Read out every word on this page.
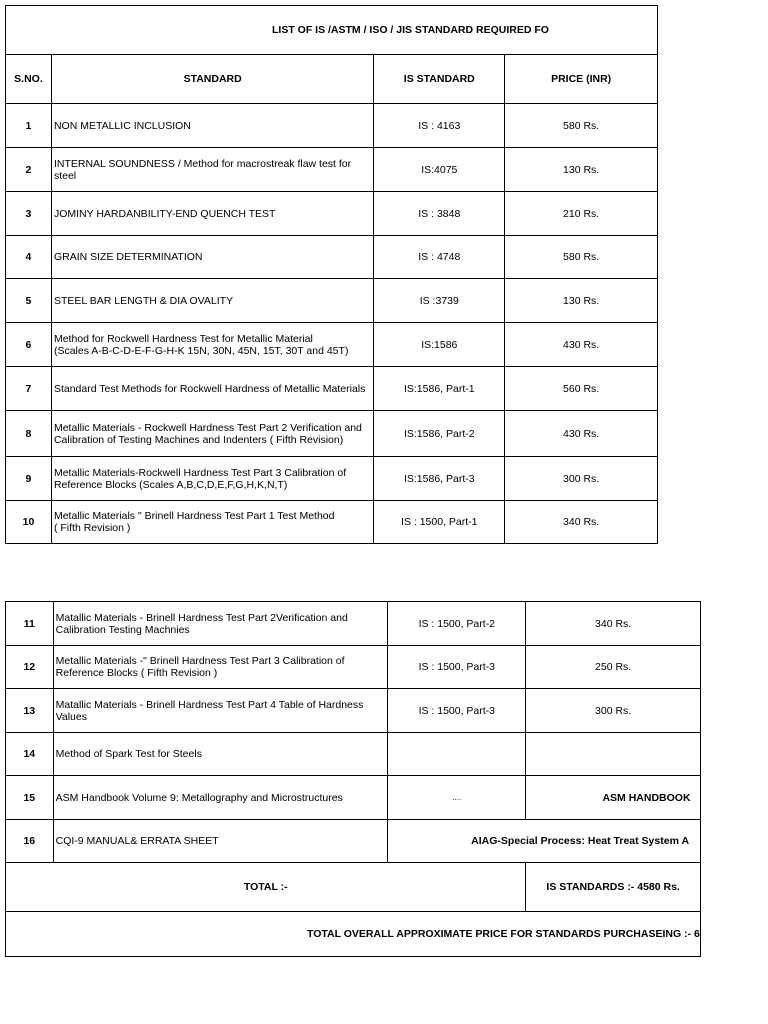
LIST OF IS /ASTM / ISO / JIS STANDARD REQUIRED FO			
S.NO.	STANDARD	IS STANDARD	PRICE (INR)
1	NON METALLIC INCLUSION	IS : 4163	580 Rs.
2	INTERNAL SOUNDNESS / Method for macrostreak flaw test for steel	IS:4075	130 Rs.
3	JOMINY HARDANBILITY-END QUENCH TEST	IS : 3848	210 Rs.
4	GRAIN SIZE DETERMINATION	IS : 4748	580 Rs.
5	STEEL BAR LENGTH & DIA OVALITY	IS :3739	130 Rs.
6	Method for Rockwell Hardness Test for Metallic Material
(Scales A-B-C-D-E-F-G-H-K 15N, 30N, 45N, 15T, 30T and 45T)	IS:1586	430 Rs.
7	Standard Test Methods for Rockwell Hardness of Metallic Materials	IS:1586, Part-1	560 Rs.
8	Metallic Materials - Rockwell Hardness Test Part 2 Verification and
Calibration of Testing Machines and Indenters ( Fifth Revision)	IS:1586, Part-2	430 Rs.
9	Metallic Materials-Rockwell Hardness Test Part 3 Calibration of
Reference Blocks (Scales A,B,C,D,E,F,G,H,K,N,T)	IS:1586, Part-3	300 Rs.
10	Metallic Materials " Brinell Hardness Test Part 1 Test Method
( Fifth Revision )	IS : 1500, Part-1	340 Rs.
11	Matallic Materials - Brinell Hardness Test Part 2Verification and
Calibration Testing Machnies	IS : 1500, Part-2	340 Rs.
12	Metallic Materials -" Brinell Hardness Test Part 3 Calibration of
Reference Blocks ( Fifth Revision )	IS : 1500, Part-3	250 Rs.
13	Matallic Materials - Brinell Hardness Test Part 4 Table of Hardness
Values	IS : 1500, Part-3	300 Rs.
14	Method of Spark Test for Steels		
15	ASM Handbook Volume 9: Metallography and Microstructures	....	ASM HANDBOOK
16	CQI-9 MANUAL& ERRATA SHEET	AIAG-Special Process: Heat Treat System A	
TOTAL :-			IS STANDARDS :- 4580 Rs.
TOTAL OVERALL APPROXIMATE PRICE FOR STANDARDS PURCHASEING :- 6			
